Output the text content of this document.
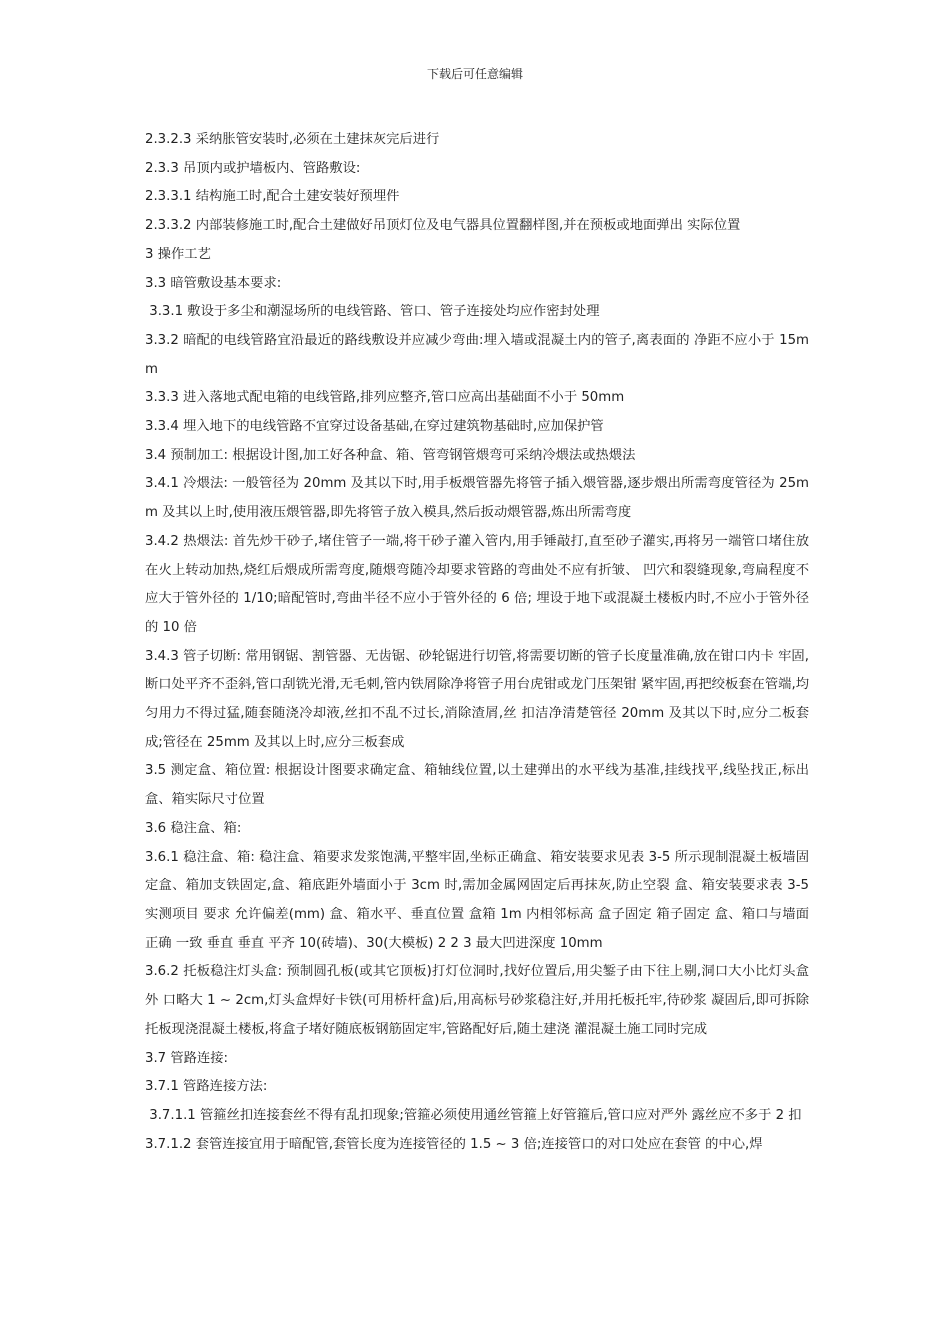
下载后可任意编辑

2.3.2.3 采纳胀管安装时,必须在土建抹灰完后进行

2.3.3 吊顶内或护墙板内、管路敷设:

2.3.3.1 结构施工时,配合土建安装好预埋件

2.3.3.2 内部装修施工时,配合土建做好吊顶灯位及电气器具位置翻样图,并在预板或地面弹出 实际位置

3 操作工艺

3.3 暗管敷设基本要求:

3.3.1 敷设于多尘和潮湿场所的电线管路、管口、管子连接处均应作密封处理

3.3.2 暗配的电线管路宜沿最近的路线敷设并应减少弯曲:埋入墙或混凝土内的管子,离表面的 净距不应小于 15mm

3.3.3 进入落地式配电箱的电线管路,排列应整齐,管口应高出基础面不小于 50mm

3.3.4 埋入地下的电线管路不宜穿过设备基础,在穿过建筑物基础时,应加保护管

3.4 预制加工: 根据设计图,加工好各种盒、箱、管弯钢管煨弯可采纳冷煨法或热煨法

3.4.1 冷煨法: 一般管径为 20mm 及其以下时,用手板煨管器先将管子插入煨管器,逐步煨出所需弯度管径为 25mm 及其以上时,使用液压煨管器,即先将管子放入模具,然后扳动煨管器,炼出所需弯度

3.4.2 热煨法: 首先炒干砂子,堵住管子一端,将干砂子灌入管内,用手锤敲打,直至砂子灌实,再将另一端管口堵住放在火上转动加热,烧红后煨成所需弯度,随煨弯随冷却要求管路的弯曲处不应有折皱、 凹穴和裂缝现象,弯扁程度不应大于管外径的 1/10;暗配管时,弯曲半径不应小于管外径的 6 倍; 埋设于地下或混凝土楼板内时,不应小于管外径的 10 倍

3.4.3 管子切断: 常用钢锯、割管器、无齿锯、砂轮锯进行切管,将需要切断的管子长度量准确,放在钳口内卡 牢固,断口处平齐不歪斜,管口刮铣光滑,无毛刺,管内铁屑除净将管子用台虎钳或龙门压架钳 紧牢固,再把绞板套在管端,均匀用力不得过猛,随套随浇冷却液,丝扣不乱不过长,消除渣屑,丝 扣洁净清楚管径 20mm 及其以下时,应分二板套成;管径在 25mm 及其以上时,应分三板套成

3.5 测定盒、箱位置: 根据设计图要求确定盒、箱轴线位置,以土建弹出的水平线为基准,挂线找平,线坠找正,标出 盒、箱实际尺寸位置

3.6 稳注盒、箱:

3.6.1 稳注盒、箱: 稳注盒、箱要求发浆饱满,平整牢固,坐标正确盒、箱安装要求见表 3-5 所示现制混凝土板墙固 定盒、箱加支铁固定,盒、箱底距外墙面小于 3cm 时,需加金属网固定后再抹灰,防止空裂 盒、箱安装要求表 3-5 实测项目 要求 允许偏差(mm) 盒、箱水平、垂直位置 盒箱 1m 内相邻标高 盒子固定 箱子固定 盒、箱口与墙面 正确 一致 垂直 垂直 平齐 10(砖墙)、30(大模板) 2 2 3 最大凹进深度 10mm

3.6.2 托板稳注灯头盒: 预制圆孔板(或其它顶板)打灯位洞时,找好位置后,用尖錾子由下往上剔,洞口大小比灯头盒外 口略大 1 ~ 2cm,灯头盒焊好卡铁(可用桥杆盒)后,用高标号砂浆稳注好,并用托板托牢,待砂浆 凝固后,即可拆除托板现浇混凝土楼板,将盒子堵好随底板钢筋固定牢,管路配好后,随土建浇 灌混凝土施工同时完成

3.7 管路连接:

3.7.1 管路连接方法:

3.7.1.1 管箍丝扣连接套丝不得有乱扣现象;管箍必须使用通丝管箍上好管箍后,管口应对严外 露丝应不多于 2 扣

3.7.1.2 套管连接宜用于暗配管,套管长度为连接管径的 1.5 ~ 3 倍;连接管口的对口处应在套管 的中心,焊
